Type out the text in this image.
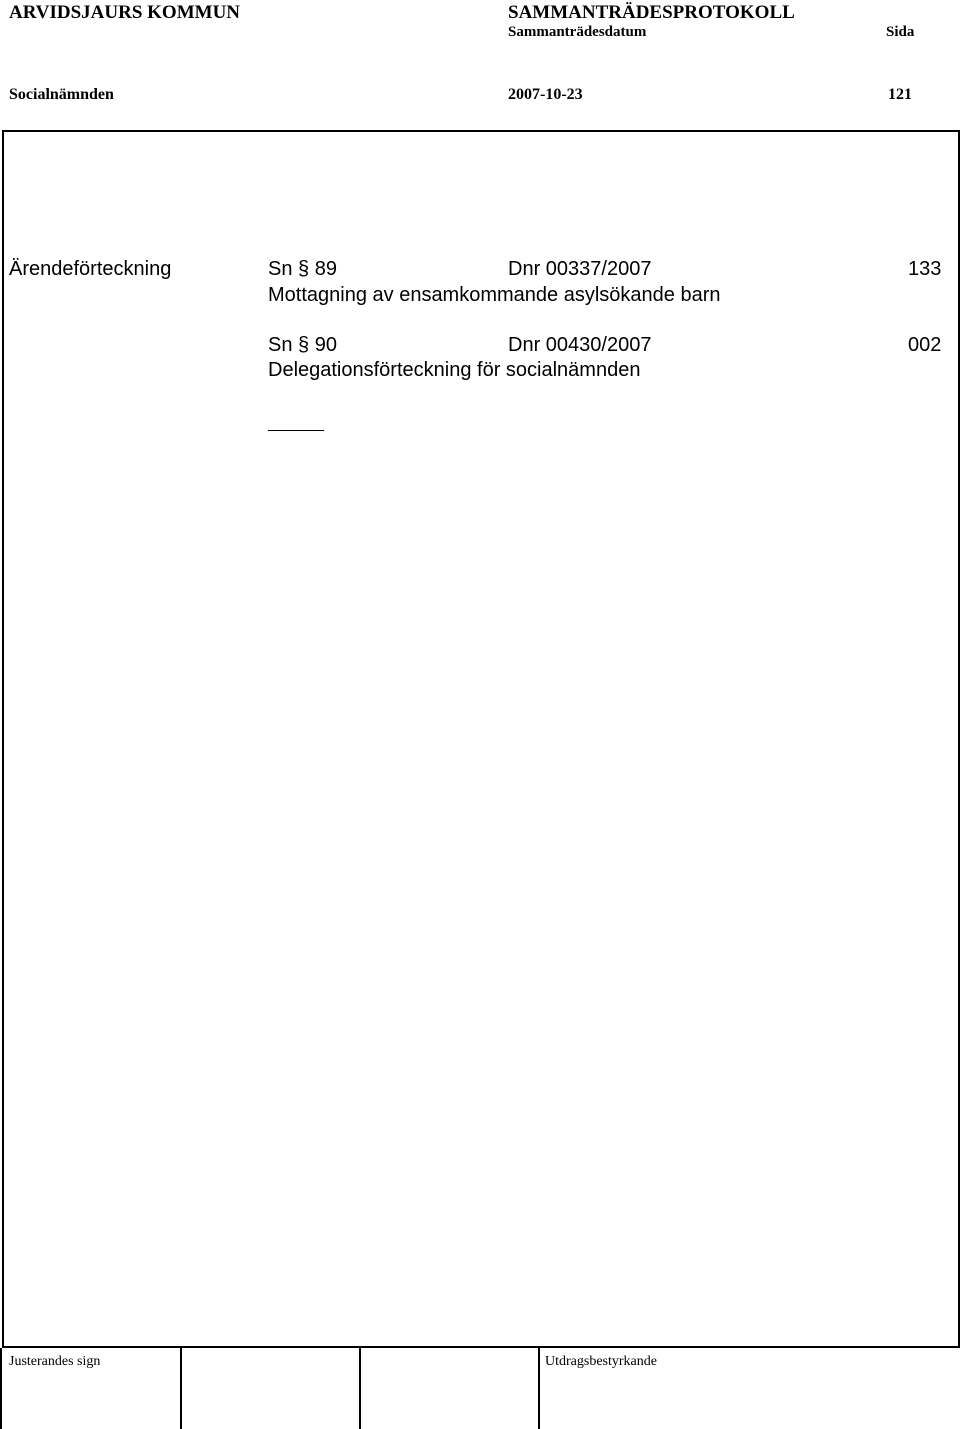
ARVIDSJAURS KOMMUN	SAMMANTRÄDESPROTOKOLL
Sammanträdesdatum	Sida
Socialnämnden	2007-10-23	121
Ärendeförteckning	Sn § 89	Dnr 00337/2007	133
Mottagning av ensamkommande asylsökande barn
Sn § 90	Dnr 00430/2007	002
Delegationsförteckning för socialnämnden
Justerandes sign	Utdragsbestyrkande
